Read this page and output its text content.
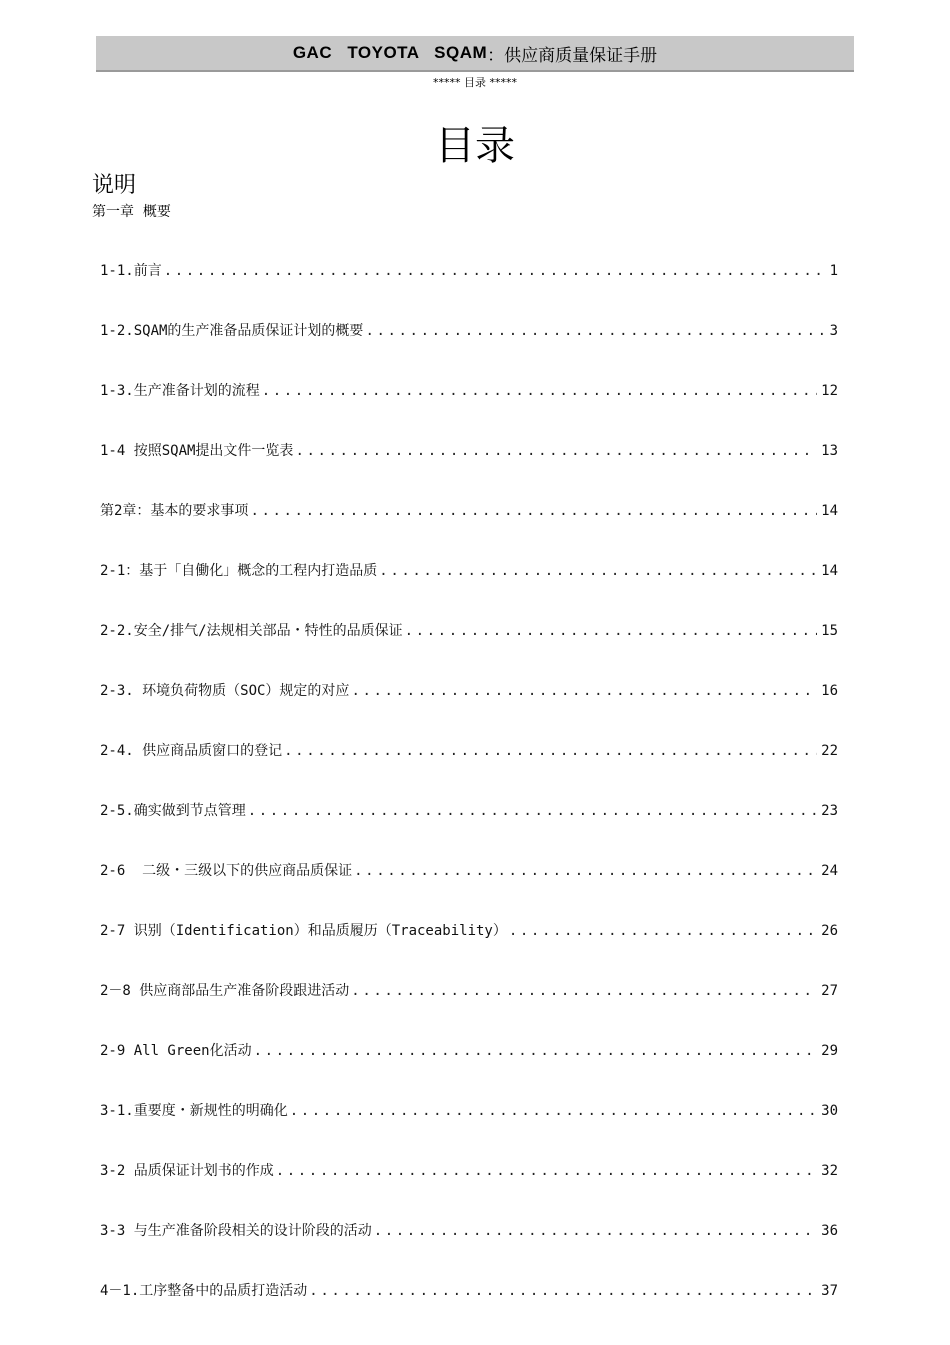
GAC TOYOTA SQAM ：供应商质量保证手册
***** 目录 *****
目录
说明
第一章  概要
1-1.前言 .....	1
1-2.SQAM的生产准备品质保证计划的概要 .....	3
1-3.生产准备计划的流程 .....	12
1-4 按照SQAM提出文件一览表 .....	13
第2章：基本的要求事项 .....	14
2-1：基于「自働化」概念的工程内打造品质 .....	14
2-2.安全/排气/法规相关部品・特性的品质保证 .....	15
2-3. 环境负荷物质（SOC）规定的对应 .....	16
2-4. 供应商品质窗口的登记 .....	22
2-5.确实做到节点管理 .....	23
2-6  二级・三级以下的供应商品质保证 .....	24
2-7 识别（Identification）和品质履历（Traceability） .....	26
2－8 供应商部品生产准备阶段跟进活动 .....	27
2-9 All Green化活动 .....	29
3-1.重要度・新规性的明确化 .....	30
3-2 品质保证计划书的作成 .....	32
3-3 与生产准备阶段相关的设计阶段的活动 .....	36
4－1.工序整备中的品质打造活动 .....	37
